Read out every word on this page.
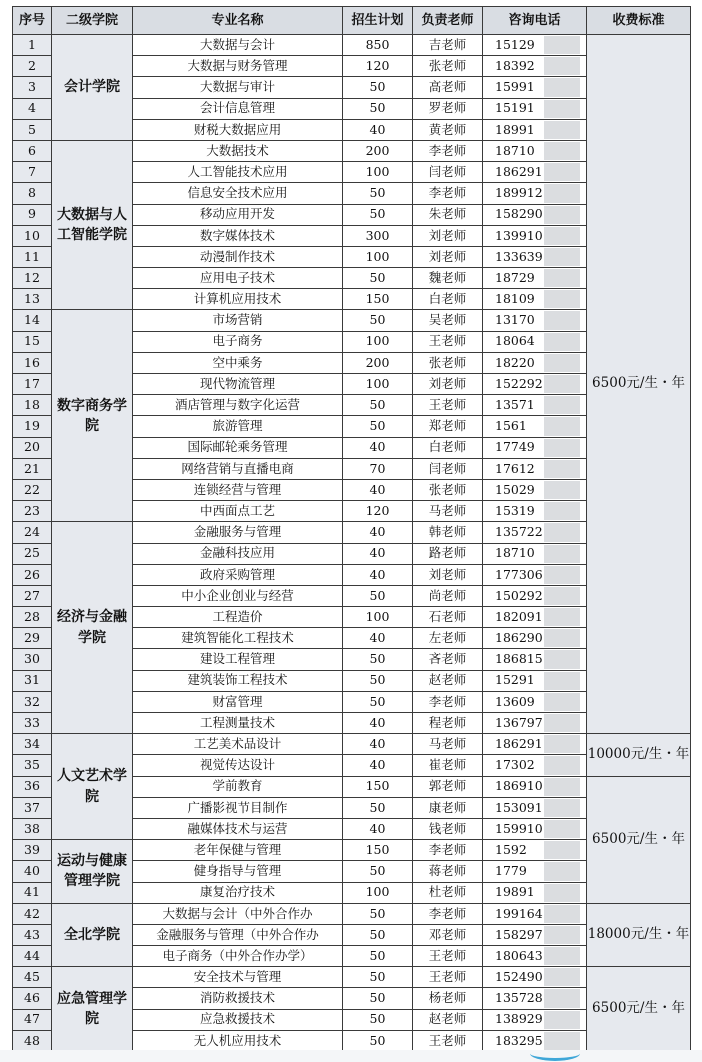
序号	二级学院	专业名称	招生计划	负责老师	咨询电话	收费标准
1	会计学院	大数据与会计	850	吉老师	15129	6500元/生・年
2		大数据与财务管理	120	张老师	18392	

3		大数据与审计	50	高老师	15991	

4		会计信息管理	50	罗老师	15191	

5		财税大数据应用	40	黄老师	18991	

6	大数据与人工智能学院	大数据技术	200	李老师	18710	

7		人工智能技术应用	100	闫老师	186291	

8		信息安全技术应用	50	李老师	189912	

9		移动应用开发	50	朱老师	158290	

10		数字媒体技术	300	刘老师	139910	

11		动漫制作技术	100	刘老师	133639	

12		应用电子技术	50	魏老师	18729	

13		计算机应用技术	150	白老师	18109	

14	数字商务学院	市场营销	50	吴老师	13170	

15		电子商务	100	王老师	18064	

16		空中乘务	200	张老师	18220	

17		现代物流管理	100	刘老师	152292	

18		酒店管理与数字化运营	50	王老师	13571	

19		旅游管理	50	郑老师	1561	

20		国际邮轮乘务管理	40	白老师	17749	

21		网络营销与直播电商	70	闫老师	17612	

22		连锁经营与管理	40	张老师	15029	

23		中西面点工艺	120	马老师	15319	

24	经济与金融学院	金融服务与管理	40	韩老师	135722	

25		金融科技应用	40	路老师	18710	

26		政府采购管理	40	刘老师	177306	

27		中小企业创业与经营	50	尚老师	150292	

28		工程造价	100	石老师	182091	

29		建筑智能化工程技术	40	左老师	186290	

30		建设工程管理	50	吝老师	186815	

31		建筑装饰工程技术	50	赵老师	15291	

32		财富管理	50	李老师	13609	

33		工程测量技术	40	程老师	136797	

34	人文艺术学院	工艺美术品设计	40	马老师	186291	10000元/生・年
35		视觉传达设计	40	崔老师	17302	

36		学前教育	150	郭老师	186910	6500元/生・年
37		广播影视节目制作	50	康老师	153091	

38		融媒体技术与运营	40	钱老师	159910	

39	运动与健康管理学院	老年保健与管理	150	李老师	1592	

40		健身指导与管理	50	蒋老师	1779	

41		康复治疗技术	100	杜老师	19891	

42	全北学院	大数据与会计（中外合作办	50	李老师	199164	18000元/生・年
43		金融服务与管理（中外合作办	50	邓老师	158297	

44		电子商务（中外合作办学）	50	王老师	180643	

45	应急管理学院	安全技术与管理	50	王老师	152490	6500元/生・年
46		消防救援技术	50	杨老师	135728	

47		应急救援技术	50	赵老师	138929	

48		无人机应用技术	50	王老师	183295	
